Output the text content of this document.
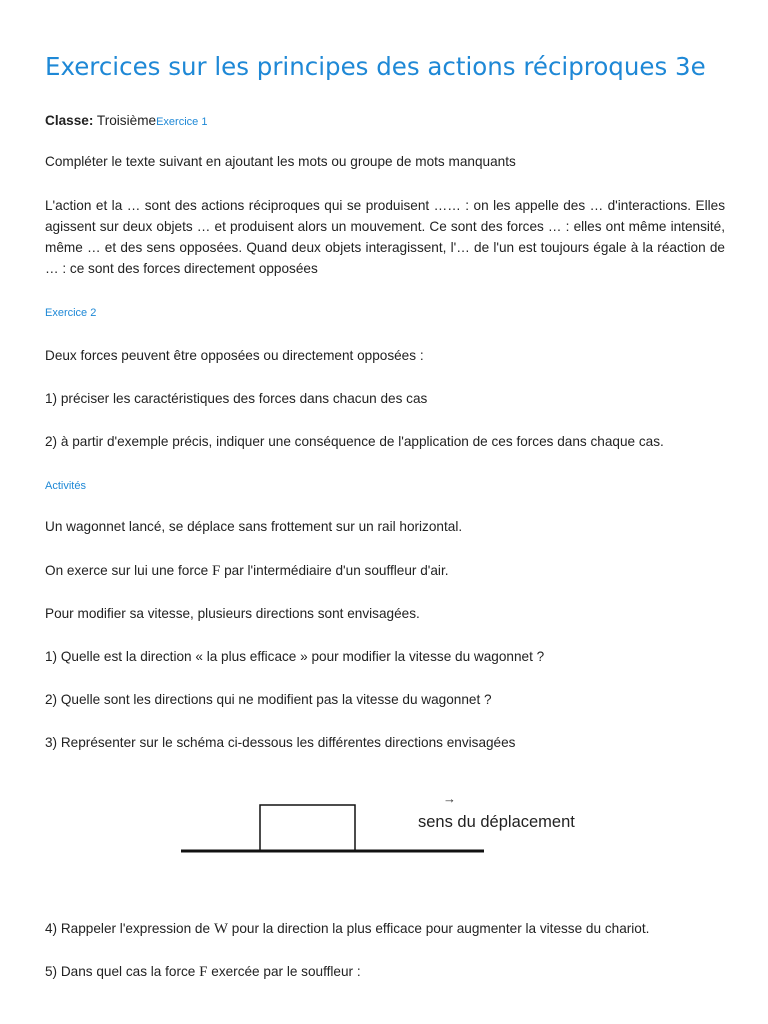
Exercices sur les principes des actions réciproques 3e

Classe: TroisièmeExercice 1

Compléter le texte suivant en ajoutant les mots ou groupe de mots manquants

L'action et la … sont des actions réciproques qui se produisent …… : on les appelle des … d'interactions. Elles agissent sur deux objets … et produisent alors un mouvement. Ce sont des forces … : elles ont même intensité, même … et des sens opposées. Quand deux objets interagissent, l'… de l'un est toujours égale à la réaction de … : ce sont des forces directement opposées

Exercice 2

Deux forces peuvent être opposées ou directement opposées :

1) préciser les caractéristiques des forces dans chacun des cas

2) à partir d'exemple précis, indiquer une conséquence de l'application de ces forces dans chaque cas.

Activités

Un wagonnet lancé, se déplace sans frottement sur un rail horizontal.

On exerce sur lui une force F par l'intermédiaire d'un souffleur d'air.

Pour modifier sa vitesse, plusieurs directions sont envisagées.

1) Quelle est la direction « la plus efficace » pour modifier la vitesse du wagonnet ?

2) Quelle sont les directions qui ne modifient pas la vitesse du wagonnet ?

3) Représenter sur le schéma ci-dessous les différentes directions envisagées

4) Rappeler l'expression de W pour la direction la plus efficace pour augmenter la vitesse du chariot.

5) Dans quel cas la force F exercée par le souffleur :

→
sens du déplacement
